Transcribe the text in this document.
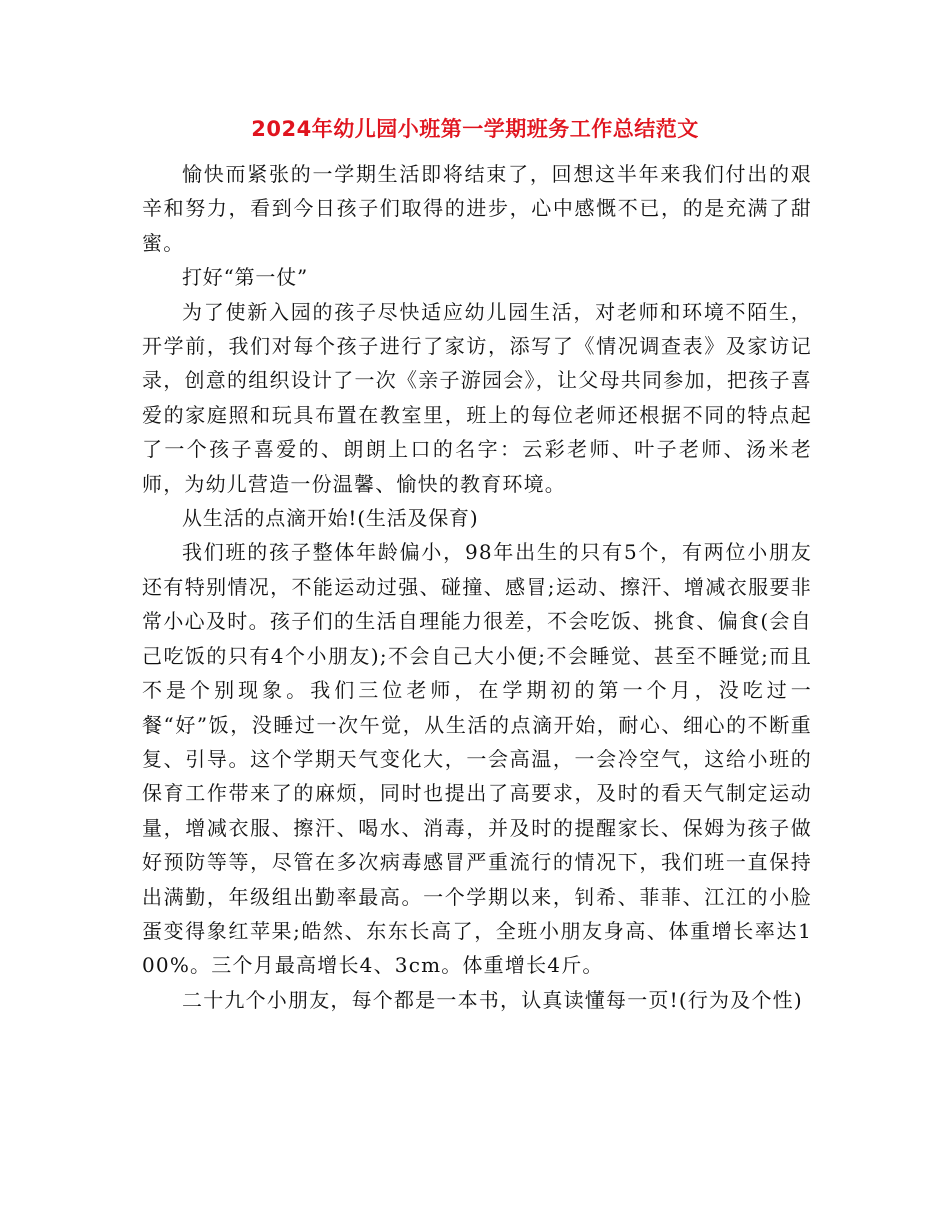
2024年幼儿园小班第一学期班务工作总结范文

愉快而紧张的一学期生活即将结束了，回想这半年来我们付出的艰辛和努力，看到今日孩子们取得的进步，心中感慨不已，的是充满了甜蜜。

打好“第一仗”

为了使新入园的孩子尽快适应幼儿园生活，对老师和环境不陌生，开学前，我们对每个孩子进行了家访，添写了《情况调查表》及家访记录，创意的组织设计了一次《亲子游园会》，让父母共同参加，把孩子喜爱的家庭照和玩具布置在教室里，班上的每位老师还根据不同的特点起了一个孩子喜爱的、朗朗上口的名字：云彩老师、叶子老师、汤米老师，为幼儿营造一份温馨、愉快的教育环境。

从生活的点滴开始!(生活及保育)

我们班的孩子整体年龄偏小，98年出生的只有5个，有两位小朋友还有特别情况，不能运动过强、碰撞、感冒;运动、擦汗、增减衣服要非常小心及时。孩子们的生活自理能力很差，不会吃饭、挑食、偏食(会自己吃饭的只有4个小朋友);不会自己大小便;不会睡觉、甚至不睡觉;而且不是个别现象。我们三位老师，在学期初的第一个月，没吃过一餐“好”饭，没睡过一次午觉，从生活的点滴开始，耐心、细心的不断重复、引导。这个学期天气变化大，一会高温，一会冷空气，这给小班的保育工作带来了的麻烦，同时也提出了高要求，及时的看天气制定运动量，增减衣服、擦汗、喝水、消毒，并及时的提醒家长、保姆为孩子做好预防等等，尽管在多次病毒感冒严重流行的情况下，我们班一直保持出满勤，年级组出勤率最高。一个学期以来，钊希、菲菲、江江的小脸蛋变得象红苹果;皓然、东东长高了，全班小朋友身高、体重增长率达100%。三个月最高增长4、3cm。体重增长4斤。

二十九个小朋友，每个都是一本书，认真读懂每一页!(行为及个性)
